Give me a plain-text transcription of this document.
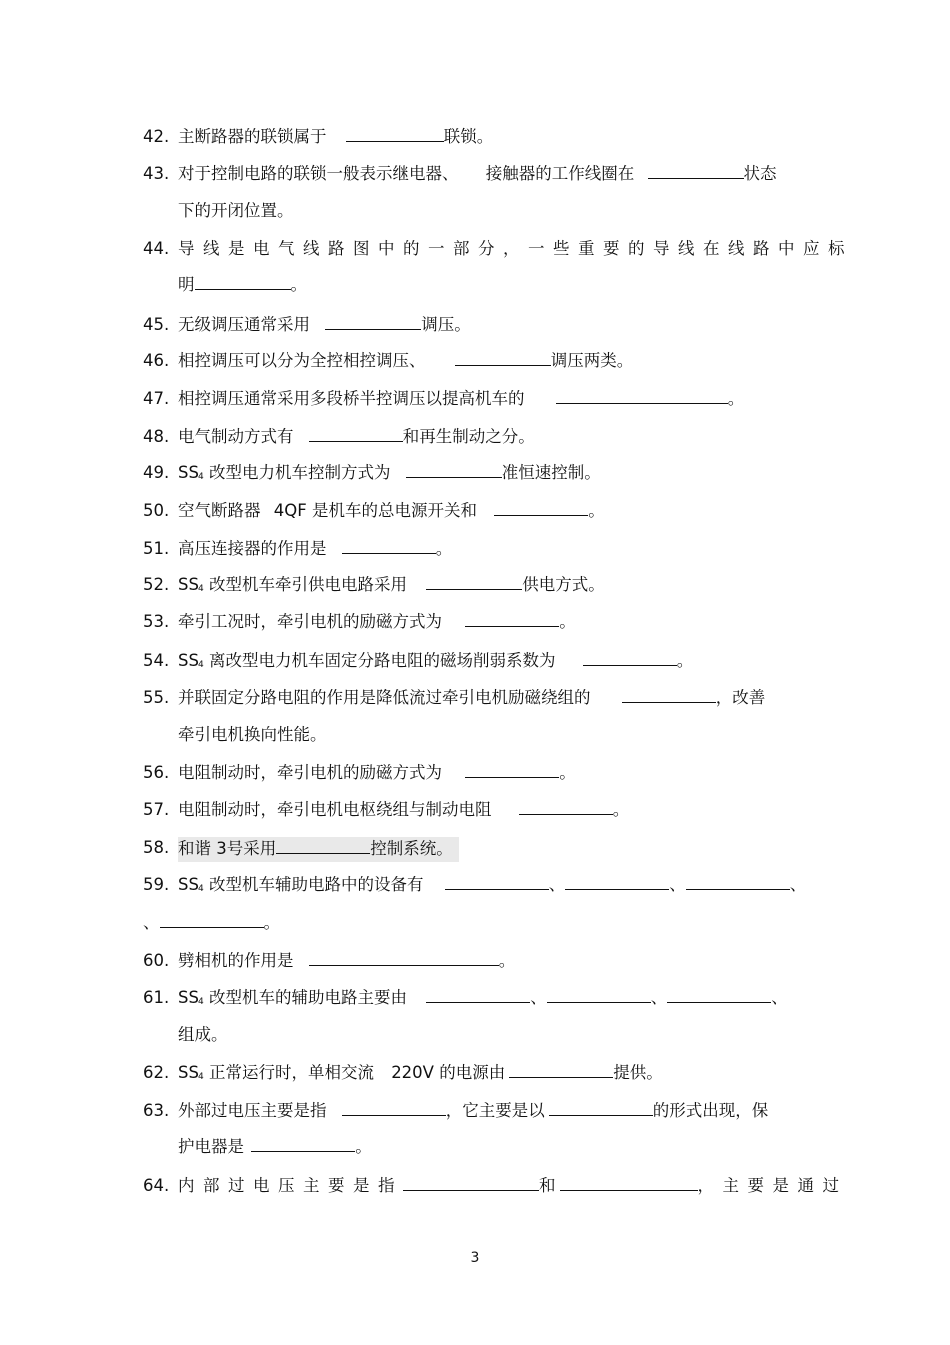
42. 主断路器的联锁属于	联锁。
43. 对于控制电路的联锁一般表示继电器、 接触器的工作线圈在	状态
下的开闭位置。
44. 导线是电气线路图中的一部分，一些重要的导线在线路中应标
明	。
45. 无级调压通常采用	调压。
46. 相控调压可以分为全控相控调压、	调压两类。
47. 相控调压通常采用多段桥半控调压以提高机车的	。
48. 电气制动方式有	和再生制动之分。
49. SS4 改型电力机车控制方式为	准恒速控制。
50. 空气断路器 4QF 是机车的总电源开关和	。
51. 高压连接器的作用是	。
52. SS4 改型机车牵引供电电路采用	供电方式。
53. 牵引工况时，牵引电机的励磁方式为	。
54. SS4 离改型电力机车固定分路电阻的磁场削弱系数为	。
55. 并联固定分路电阻的作用是降低流过牵引电机励磁绕组的	，改善
牵引电机换向性能。
56. 电阻制动时，牵引电机的励磁方式为	。
57. 电阻制动时，牵引电机电枢绕组与制动电阻	。
58. 和谐 3号采用	控制系统。
59. SS4 改型机车辅助电路中的设备有	、	、	、
、	。
60. 劈相机的作用是	。
61. SS4 改型机车的辅助电路主要由	、	、	、
组成。
62. SS4 正常运行时，单相交流 220V 的电源由	提供。
63. 外部过电压主要是指	，它主要是以	的形式出现，保
护电器是	。
64. 内部过电压主要是指	和	，主要是通过
3
